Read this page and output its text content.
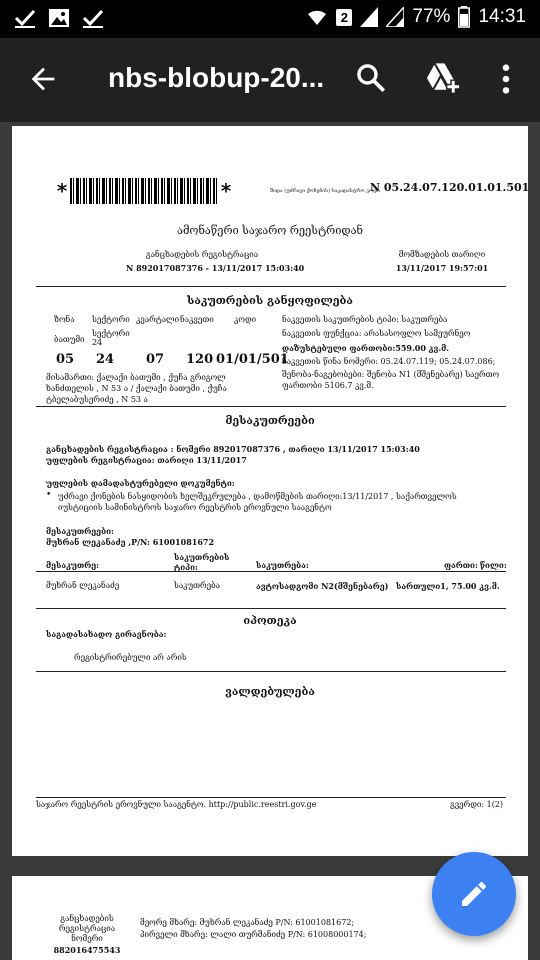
2	77% 14:31
nbs-blobup-20...
*	*	შიდა (უძრავი ქონების) საკადასტრო კოდი
N 05.24.07.120.01.01.501
ამონაწერი საჯარო რეესტრიდან
განცხადების რეგისტრაცია
N 892017087376 - 13/11/2017 15:03:40
მომზადების თარიღი
13/11/2017 19:57:01
საკუთრების განყოფილება
ზონა სექტორი კვარტალი ნაკვეთი	კოდი
ბათუმი
სექტორი 24
05 24 07 120 01/01/501
მისამართი: ქალაქი ბათუმი , ქუჩა გრიგოლ ხანძთელის , N 53 ა / ქალაქი ბათუმი , ქუჩა ტბელაბუსერიძე , N 53 ა
ნაკვეთის საკუთრების ტიპი: საკუთრება
ნაკვეთის ფუნქცია: არასასოფლო სამეურნეო
დაზუსტებული ფართობი:559.00 კვ.მ.
ნაკვეთის წინა ნომერი: 05.24.07.119; 05.24.07.086;
შენობა-ნაგებობები: შენობა N1 (მშენებარე) საერთო ფართობი 5106.7 კვ.მ.
მესაკუთრეები
განცხადების რეგისტრაცია : ნომერი 892017087376 , თარიღი 13/11/2017 15:03:40
უფლების რეგისტრაცია: თარიღი 13/11/2017
უფლების დამადასტურებელი დოკუმენტი:
• უძრავი ქონების ნასყიდობის ხელშეკრულება , დამოწმების თარიღი:13/11/2017 , საქართველოს იუსტიციის სამინისტროს საჯარო რეესტრის ეროვნული სააგენტო
მესაკუთრეები:
მუხრან ლეკანაძე ,P/N: 61001081672
მესაკუთრე:
საკუთრების ტიპი:	საკუთრება:	ფართი: წილი:
მუხრან ლეკანაძე	საკუთრება	ავტოსადგომი N2(მშენებარე) სართული1, 75.00 კვ.მ.
იპოთეკა
საგადასახადო გირავნობა:
რეგისტრირებული არ არის
ვალდებულება
საჯარო რეესტრის ეროვნული სააგენტო. http://public.reestri.gov.ge	გვერდი: 1(2)
განცხადების
რეგისტრაცია
ნომერი
882016475543
მეორე მხარე: მუხრან ლეკანაძე P/N: 61001081672;
პირველი მხარე: ლალი თურმანიძე P/N: 61008000174;
